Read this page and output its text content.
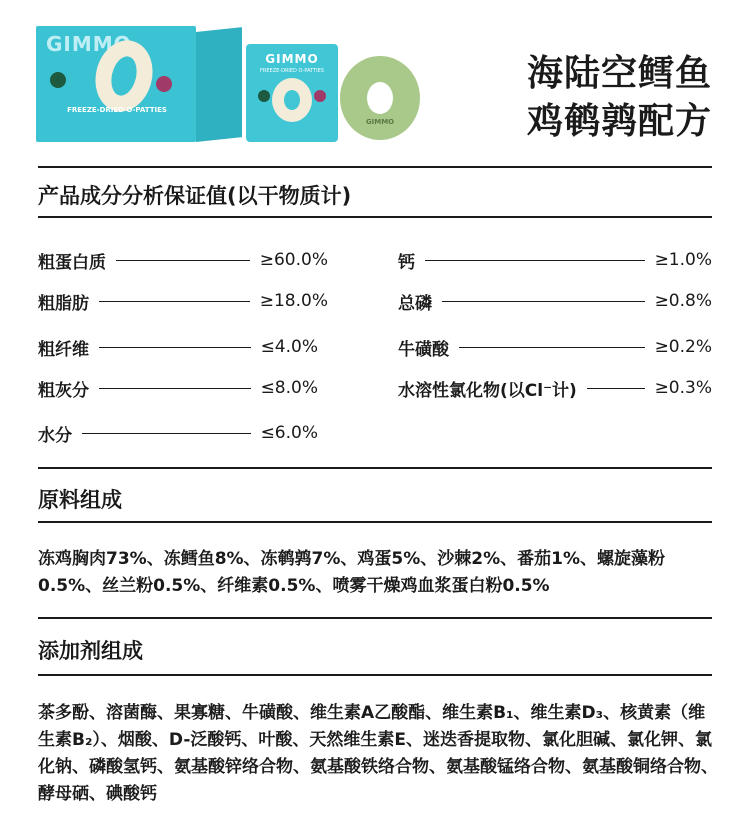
GIMMO
FREEZE-DRIED O-PATTIES
GIMMO
FREEZE-DRIED O-PATTIES
GIMMO
海陆空鳕鱼
鸡鹌鹑配方
产品成分分析保证值(以干物质计)
粗蛋白质	≥60.0%
粗脂肪	≥18.0%
粗纤维	≤4.0%
粗灰分	≤8.0%
水分	≤6.0%
钙	≥1.0%
总磷	≥0.8%
牛磺酸	≥0.2%
水溶性氯化物(以Cl⁻计)	≥0.3%
原料组成
冻鸡胸肉73%、冻鳕鱼8%、冻鹌鹑7%、鸡蛋5%、沙棘2%、番茄1%、螺旋藻粉0.5%、丝兰粉0.5%、纤维素0.5%、喷雾干燥鸡血浆蛋白粉0.5%
添加剂组成
茶多酚、溶菌酶、果寡糖、牛磺酸、维生素A乙酸酯、维生素B₁、维生素D₃、核黄素（维生素B₂）、烟酸、D-泛酸钙、叶酸、天然维生素E、迷迭香提取物、氯化胆碱、氯化钾、氯化钠、磷酸氢钙、氨基酸锌络合物、氨基酸铁络合物、氨基酸锰络合物、氨基酸铜络合物、酵母硒、碘酸钙
